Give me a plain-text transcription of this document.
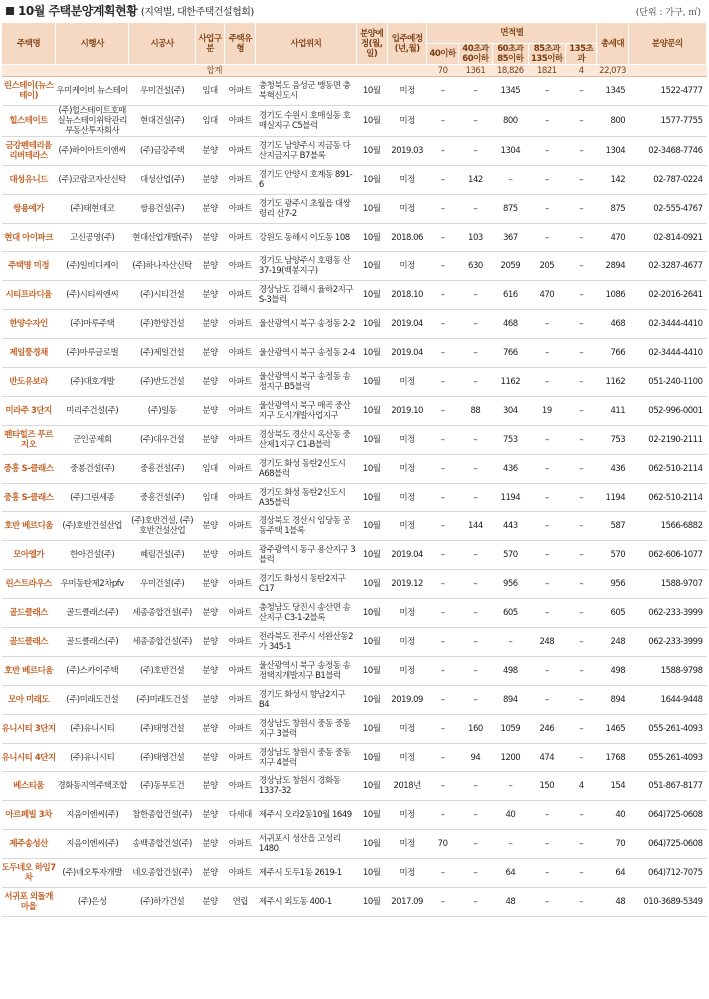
10월 주택분양계획현황 (지역별, 대한주택건설협회)	(단위 : 가구, ㎡)
주택명	시행사	시공사	사업구분	주택유형	사업위치	분양예정(월,일)	입주예정(년,월)	면적별					총세대	분양문의
								40이하	40초과60이하	60초과85이하	85초과135이하	135초과		
합계								70	1361	18,826	1821	4	22,073	
린스테이(뉴스테이)	우미케이비 뉴스테이	우미건설(주)	임대	아파트	충청북도 음성군 맹동면 충북혁신도시	10월	미정	–	–	1345	–	–	1345	1522-4777
힐스테이트	(주)힐스테이트호매실뉴스테이위탁관리부동산투자회사	현대건설(주)	임대	아파트	경기도 수원시 호매실동 호매실지구 C5블럭	10월	미정	–	–	800	–	–	800	1577-7755
금강펜테리움 리버테라스	(주)하이아트이앤씨	(주)금강주택	분양	아파트	경기도 남양주시 지금동 다산지금지구 B7블록	10월	2019.03	–	–	1304	–	–	1304	02-3468-7746
대성유니드	(주)코람코자산신탁	대성산업(주)	분양	아파트	경기도 안양시 호계동 891-6	10월	미정	–	142	–	–	–	142	02-787-0224
쌍용예가	(주)태현데코	쌍용건설(주)	분양	아파트	경기도 광주시 초월읍 대쌍령리 산7-2	10월	미정	–	–	875	–	–	875	02-555-4767
현대 아이파크	고신공영(주)	현대산업개발(주)	분양	아파트	강원도 동해시 이도동 108	10월	2018.06	–	103	367	–	–	470	02-814-0921
주택명 미정	(주)일비디케이	(주)하나자산신탁	분양	아파트	경기도 남양주시 호평동 산37-19(백봉지구)	10월	미정	–	630	2059	205	–	2894	02-3287-4677
시티프라디움	(주)시티씨엔씨	(주)시티건설	분양	아파트	경상남도 김해시 율하2지구 S-3블럭	10월	2018.10	–	–	616	470	–	1086	02-2016-2641
한양수자인	(주)마루주택	(주)한양건설	분양	아파트	울산광역시 북구 송정동 2-2	10월	2019.04	–	–	468	–	–	468	02-3444-4410
제일풍경채	(주)마루글로벌	(주)제일건설	분양	아파트	울산광역시 북구 송정동 2-4	10월	2019.04	–	–	766	–	–	766	02-3444-4410
반도유보라	(주)대호개발	(주)반도건설	분양	아파트	울산광역시 북구 송정동 송정지구 B5블럭	10월	미정	–	–	1162	–	–	1162	051-240-1100
미라주 3단지	미리주건설(주)	(주)일동	분양	아파트	울산광역시 북구 매곡 중산지구 도시개발사업지구	10월	2019.10	–	88	304	19	–	411	052-996-0001
펜타힐즈 푸르지오	군인공제회	(주)대우건설	분양	아파트	경상북도 경산시 옥산동 중산제1지구 C1-B블럭	10월	미정	–	–	753	–	–	753	02-2190-2111
중흥 S-클래스	중봉건설(주)	중흥건설(주)	임대	아파트	경기도 화성 동탄2신도시 A68블럭	10월	미정	–	–	436	–	–	436	062-510-2114
중흥 S-클래스	(주)그린세종	중흥건설(주)	임대	아파트	경기도 화성 동탄2신도시 A35블럭	10월	미정	–	–	1194	–	–	1194	062-510-2114
호반 베르디움	(주)호반건설산업	(주)호반건설, (주)호반건설산업	분양	아파트	경상북도 경산시 임당동 공동주택 1블록	10월	미정	–	144	443	–	–	587	1566-6882
모아엘가	한아건설(주)	혜림건설(주)	분양	아파트	광주광역시 동구 용산지구 3블럭	10월	2019.04	–	–	570	–	–	570	062-606-1077
린스트라우스	우미동탄제2차pfv	우미건설(주)	분양	아파트	경기도 화성시 동탄2지구 C17	10월	2019.12	–	–	956	–	–	956	1588-9707
골드클래스	골드클래스(주)	세종종합건설(주)	분양	아파트	충청남도 당진시 송산면 송산지구 C3-1-2블록	10월	미정	–	–	605	–	–	605	062-233-3999
골드클래스	골드클래스(주)	세종종합건설(주)	분양	아파트	전라북도 전주시 서완산동2가 345-1	10월	미정	–	–	–	248	–	248	062-233-3999
호반 베르디움	(주)스카이주택	(주)호반건설	분양	아파트	울산광역시 북구 송정동 송정택지개발지구 B1블럭	10월	미정	–	–	498	–	–	498	1588-9798
모아 미래도	(주)미래도건설	(주)미래도건설	분양	아파트	경기도 화성시 향남2지구 B4	10월	2019.09	–	–	894	–	–	894	1644-9448
유니시티 3단지	(주)유니시티	(주)태영건설	분양	아파트	경상남도 창원시 중동 중동지구 3블럭	10월	미정	–	160	1059	246	–	1465	055-261-4093
유니시티 4단지	(주)유니시티	(주)태영건설	분양	아파트	경상남도 창원시 중동 중동지구 4블럭	10월	미정	–	94	1200	474	–	1768	055-261-4093
베스티움	경화동지역주택조합	(주)동부토건	분양	아파트	경상남도 창원시 경화동 1337-32	10월	2018년	–	–	–	150	4	154	051-867-8177
아르페빌 3차	지음이엔씨(주)	참한종합건설(주)	분양	다세대	제주시 오라2동10월 1649	10월	미정	–	–	40	–	–	40	064)725-0608
제주송성산	지음이엔씨(주)	송백종합건설(주)	분양	아파트	서귀포시 성산읍 고성리 1480	10월	미정	70	–	–	–	–	70	064)725-0608
도두네오 하임7차	(주)네오투자개발	네오종합건설(주)	분양	아파트	제주시 도두1동 2619-1	10월	미정	–	–	64	–	–	64	064)712-7075
서귀포 외돌개마을	(주)은성	(주)하가건설	분양	연립	제주시 외도동 400-1	10월	2017.09	–	–	48	–	–	48	010-3689-5349
